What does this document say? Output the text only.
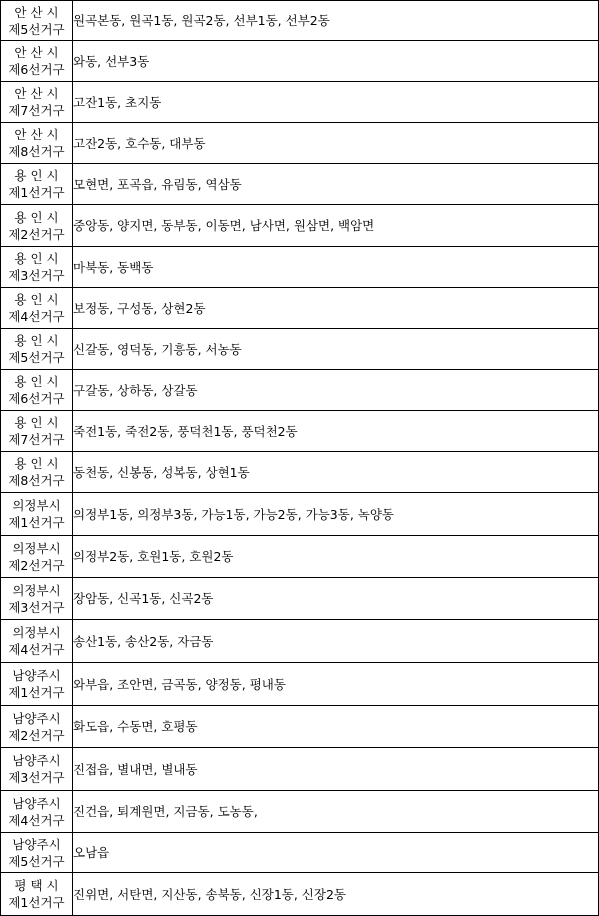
안 산 시
제5선거구	원곡본동, 원곡1동, 원곡2동, 선부1동, 선부2동

안 산 시
제6선거구	와동, 선부3동

안 산 시
제7선거구	고잔1동, 초지동

안 산 시
제8선거구	고잔2동, 호수동, 대부동

용 인 시
제1선거구	모현면, 포곡읍, 유림동, 역삼동

용 인 시
제2선거구	중앙동, 양지면, 동부동, 이동면, 남사면, 원삼면, 백암면

용 인 시
제3선거구	마북동, 동백동

용 인 시
제4선거구	보정동, 구성동, 상현2동

용 인 시
제5선거구	신갈동, 영덕동, 기흥동, 서농동

용 인 시
제6선거구	구갈동, 상하동, 상갈동

용 인 시
제7선거구	죽전1동, 죽전2동, 풍덕천1동, 풍덕천2동

용 인 시
제8선거구	동천동, 신봉동, 성복동, 상현1동

의정부시
제1선거구	의정부1동, 의정부3동, 가능1동, 가능2동, 가능3동, 녹양동

의정부시
제2선거구	의정부2동, 호원1동, 호원2동

의정부시
제3선거구	장암동, 신곡1동, 신곡2동

의정부시
제4선거구	송산1동, 송산2동, 자금동

남양주시
제1선거구	와부읍, 조안면, 금곡동, 양정동, 평내동

남양주시
제2선거구	화도읍, 수동면, 호평동

남양주시
제3선거구	진접읍, 별내면, 별내동

남양주시
제4선거구	진건읍, 퇴계원면, 지금동, 도농동,

남양주시
제5선거구	오남읍

평 택 시
제1선거구	진위면, 서탄면, 지산동, 송북동, 신장1동, 신장2동
